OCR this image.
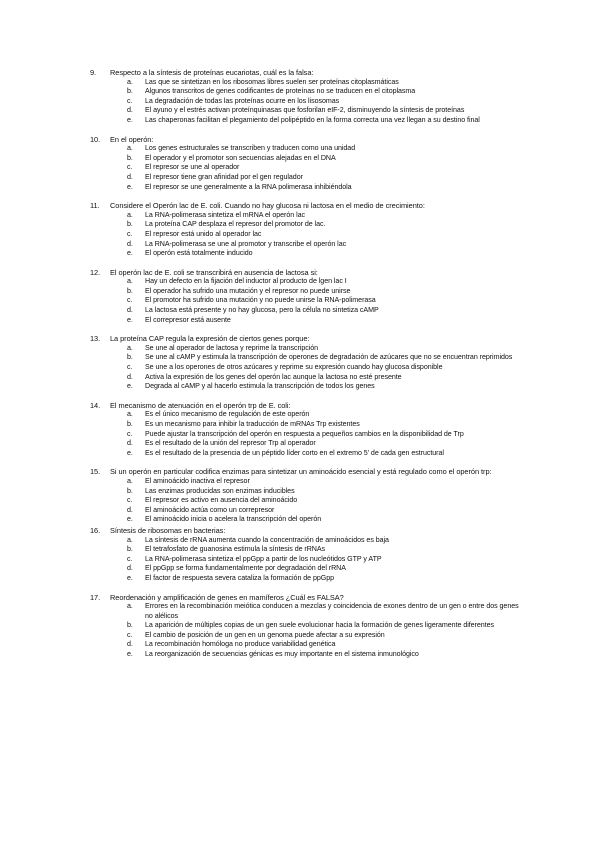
9. Respecto a la síntesis de proteínas eucariotas, cuál es la falsa:
a. Las que se sintetizan en los ribosomas libres suelen ser proteínas citoplasmáticas
b. Algunos transcritos de genes codificantes de proteínas no se traducen en el citoplasma
c. La degradación de todas las proteínas ocurre en los lisosomas
d. El ayuno y el estrés activan proteínquinasas que fosforilan eIF-2, disminuyendo la síntesis de proteínas
e. Las chaperonas facilitan el plegamiento del polipéptido en la forma correcta una vez llegan a su destino final
10. En el operón:
a. Los genes estructurales se transcriben y traducen como una unidad
b. El operador y el promotor son secuencias alejadas en el DNA
c. El represor se une al operador
d. El represor tiene gran afinidad por el gen regulador
e. El represor se une generalmente a la RNA polimerasa inhibiéndola
11. Considere el Operón lac de E. coli. Cuando no hay glucosa ni lactosa en el medio de crecimiento:
a. La RNA-polimerasa sintetiza el mRNA el operón lac
b. La proteína CAP desplaza el represor del promotor de lac.
c. El represor está unido al operador lac
d. La RNA-polimerasa se une al promotor y transcribe el operón lac
e. El operón está totalmente inducido
12. El operón lac de E. coli se transcribirá en ausencia de lactosa si:
a. Hay un defecto en la fijación del inductor al producto de lgen lac I
b. El operador ha sufrido una mutación y el represor no puede unirse
c. El promotor ha sufrido una mutación y no puede unirse la RNA-polimerasa
d. La lactosa está presente y no hay glucosa, pero la célula no sintetiza cAMP
e. El correpresor está ausente
13. La proteína CAP regula la expresión de ciertos genes porque:
a. Se une al operador de lactosa y reprime la transcripción
b. Se une al cAMP y estimula la transcripción de operones de degradación de azúcares que no se encuentran reprimidos
c. Se une a los operones de otros azúcares y reprime su expresión cuando hay glucosa disponible
d. Activa la expresión de los genes del operón lac aunque la lactosa no esté presente
e. Degrada al cAMP y al hacerlo estimula la transcripción de todos los genes
14. El mecanismo de atenuación en el operón trp de E. coli:
a. Es el único mecanismo de regulación de este operón
b. Es un mecanismo para inhibir la traducción de mRNAs Trp existentes
c. Puede ajustar la transcripción del operón en respuesta a pequeños cambios en la disponibilidad de Trp
d. Es el resultado de la unión del represor Trp al operador
e. Es el resultado de la presencia de un péptido líder corto en el extremo 5' de cada gen estructural
15. Si un operón en particular codifica enzimas para sintetizar un aminoácido esencial y está regulado como el operón trp:
a. El aminoácido inactiva el represor
b. Las enzimas producidas son enzimas inducibles
c. El represor es activo en ausencia del aminoácido
d. El aminoácido actúa como un correpresor
e. El aminoácido inicia o acelera la transcripción del operón
16. Síntesis de ribosomas en bacterias:
a. La síntesis de rRNA aumenta cuando la concentración de aminoácidos es baja
b. El tetrafosfato de guanosina estimula la síntesis de rRNAs
c. La RNA-polimerasa sintetiza el ppGpp a partir de los nucleótidos GTP y ATP
d. El ppGpp se forma fundamentalmente por degradación del rRNA
e. El factor de respuesta severa cataliza la formación de ppGpp
17. Reordenación y amplificación de genes en mamíferos ¿Cuál es FALSA?
a. Errores en la recombinación meiótica conducen a mezclas y coincidencia de exones dentro de un gen o entre dos genes no alélicos
b. La aparición de múltiples copias de un gen suele evolucionar hacia la formación de genes ligeramente diferentes
c. El cambio de posición de un gen en un genoma puede afectar a su expresión
d. La recombinación homóloga no produce variabilidad genética
e. La reorganización de secuencias génicas es muy importante en el sistema inmunológico
